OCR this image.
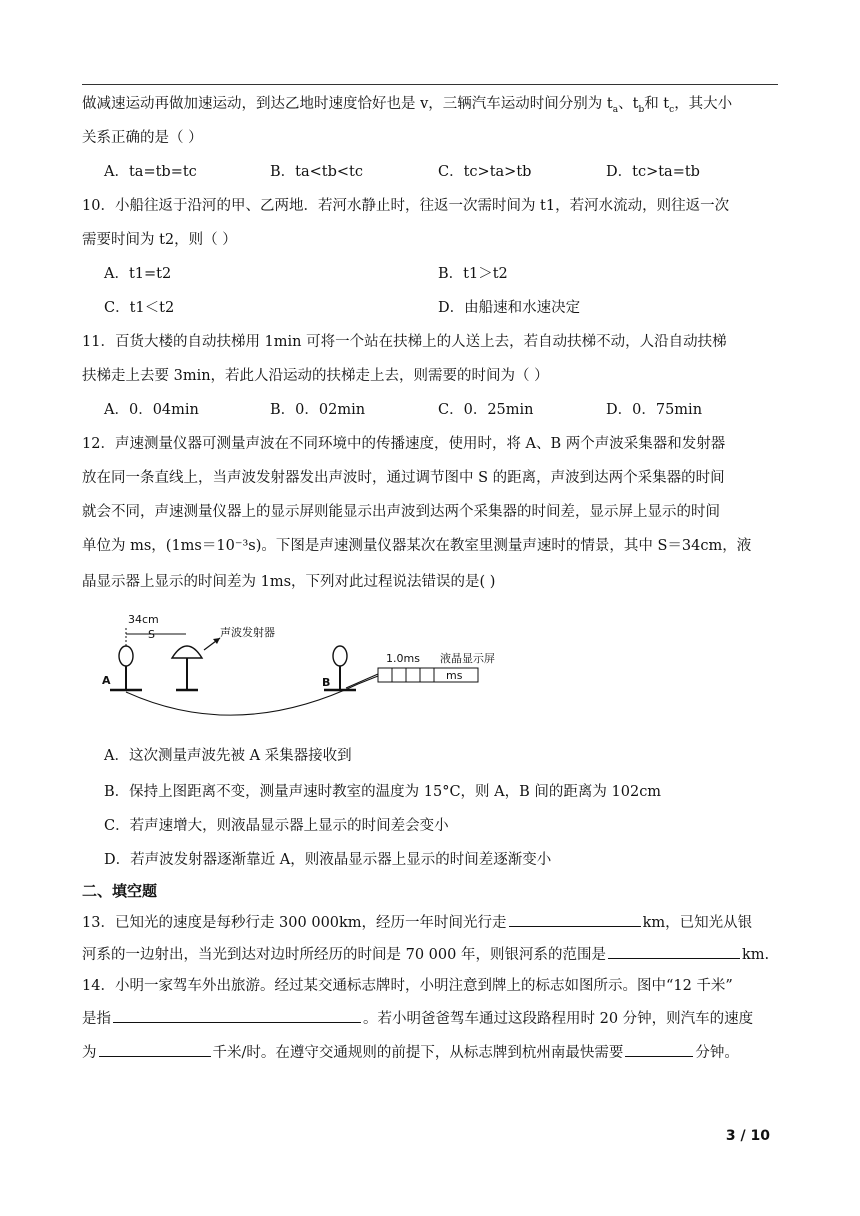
做减速运动再做加速运动，到达乙地时速度恰好也是 v，三辆汽车运动时间分别为 $t_a$、$t_b$和 $t_c$，其大小
关系正确的是（ ）
A．ta=tb=tc	B．ta<tb<tc	C．tc>ta>tb	D．tc>ta=tb
10．小船往返于沿河的甲、乙两地．若河水静止时，往返一次需时间为 t1，若河水流动，则往返一次
需要时间为 t2，则（ ）
A．t1=t2	B．t1＞t2
C．t1＜t2	D．由船速和水速决定
11．百货大楼的自动扶梯用 1min 可将一个站在扶梯上的人送上去，若自动扶梯不动，人沿自动扶梯
扶梯走上去要 3min，若此人沿运动的扶梯走上去，则需要的时间为（ ）
A．0．04min	B．0．02min	C．0．25min	D．0．75min
12．声速测量仪器可测量声波在不同环境中的传播速度，使用时，将 A、B 两个声波采集器和发射器
放在同一条直线上，当声波发射器发出声波时，通过调节图中 S 的距离，声波到达两个采集器的时间
就会不同，声速测量仪器上的显示屏则能显示出声波到达两个采集器的时间差，显示屏上显示的时间
单位为 ms，(1ms＝10⁻³s)。下图是声速测量仪器某次在教室里测量声速时的情景，其中 S＝34cm，液
晶显示器上显示的时间差为 1ms，下列对此过程说法错误的是( )
34cm
S
A
声波发射器
B
1.0ms 液晶显示屏
ms
A．这次测量声波先被 A 采集器接收到
B．保持上图距离不变，测量声速时教室的温度为 15°C，则 A，B 间的距离为 102cm
C．若声速增大，则液晶显示器上显示的时间差会变小
D．若声波发射器逐渐靠近 A，则液晶显示器上显示的时间差逐渐变小
二、填空题
13．已知光的速度是每秒行走 300 000km，经历一年时间光行走	km，已知光从银
河系的一边射出，当光到达对边时所经历的时间是 70 000 年，则银河系的范围是	km.
14．小明一家驾车外出旅游。经过某交通标志牌时，小明注意到牌上的标志如图所示。图中“12 千米”
是指	。若小明爸爸驾车通过这段路程用时 20 分钟，则汽车的速度
为	千米/时。在遵守交通规则的前提下，从标志牌到杭州南最快需要	分钟。
3 / 10
